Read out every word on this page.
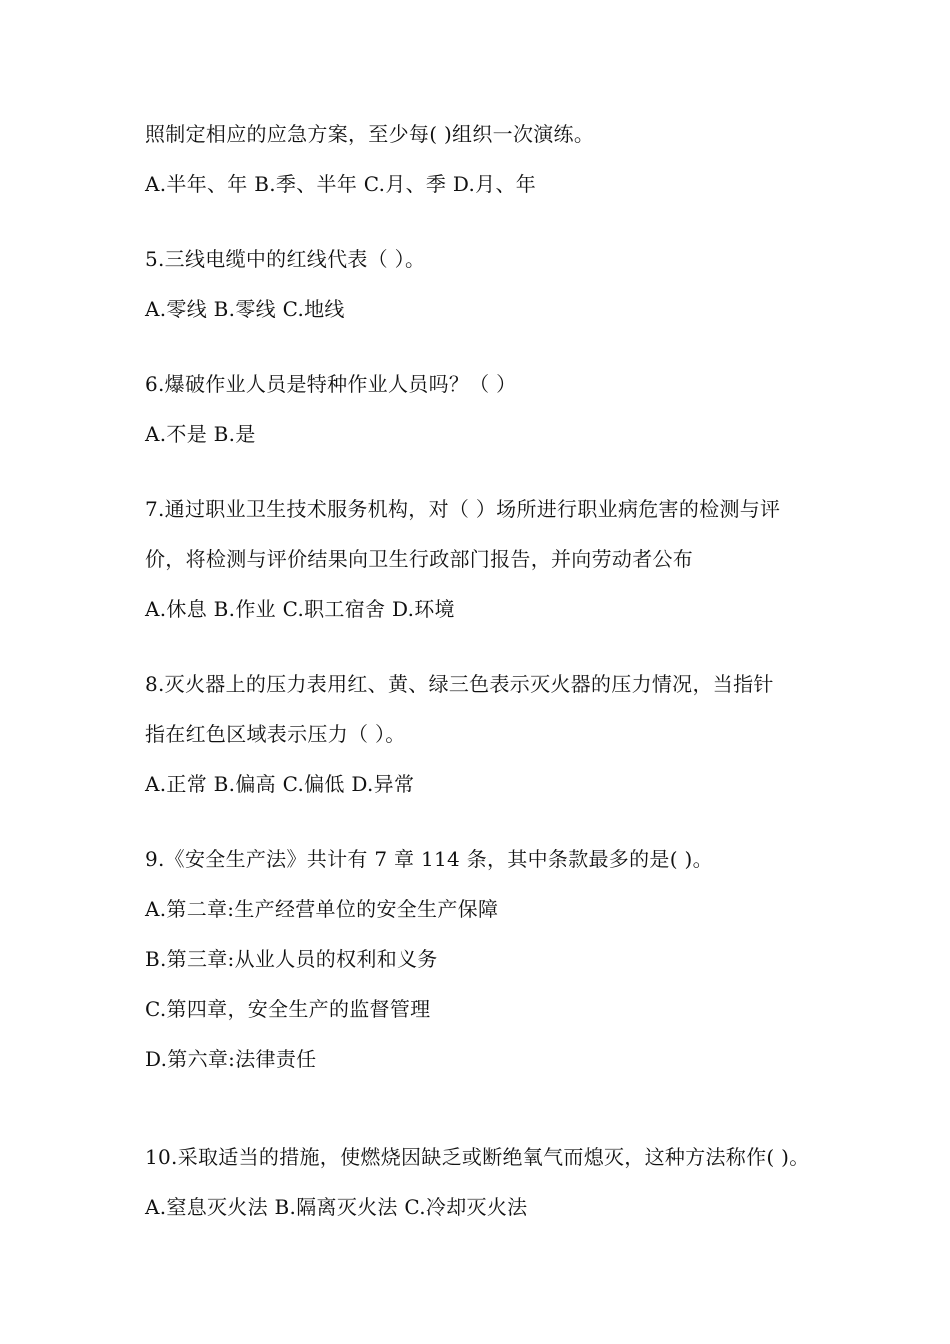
照制定相应的应急方案，至少每( )组织一次演练。
A.半年、年 B.季、半年 C.月、季 D.月、年
5.三线电缆中的红线代表（ ）。
A.零线 B.零线 C.地线
6.爆破作业人员是特种作业人员吗？（ ）
A.不是 B.是
7.通过职业卫生技术服务机构，对（ ）场所进行职业病危害的检测与评
价，将检测与评价结果向卫生行政部门报告，并向劳动者公布
A.休息 B.作业 C.职工宿舍 D.环境
8.灭火器上的压力表用红、黄、绿三色表示灭火器的压力情况，当指针
指在红色区域表示压力（ ）。
A.正常 B.偏高 C.偏低 D.异常
9.《安全生产法》共计有 7 章 114 条，其中条款最多的是( )。
A.第二章:生产经营单位的安全生产保障
B.第三章:从业人员的权利和义务
C.第四章，安全生产的监督管理
D.第六章:法律责任
10.采取适当的措施，使燃烧因缺乏或断绝氧气而熄灭，这种方法称作( )。
A.窒息灭火法 B.隔离灭火法 C.冷却灭火法
